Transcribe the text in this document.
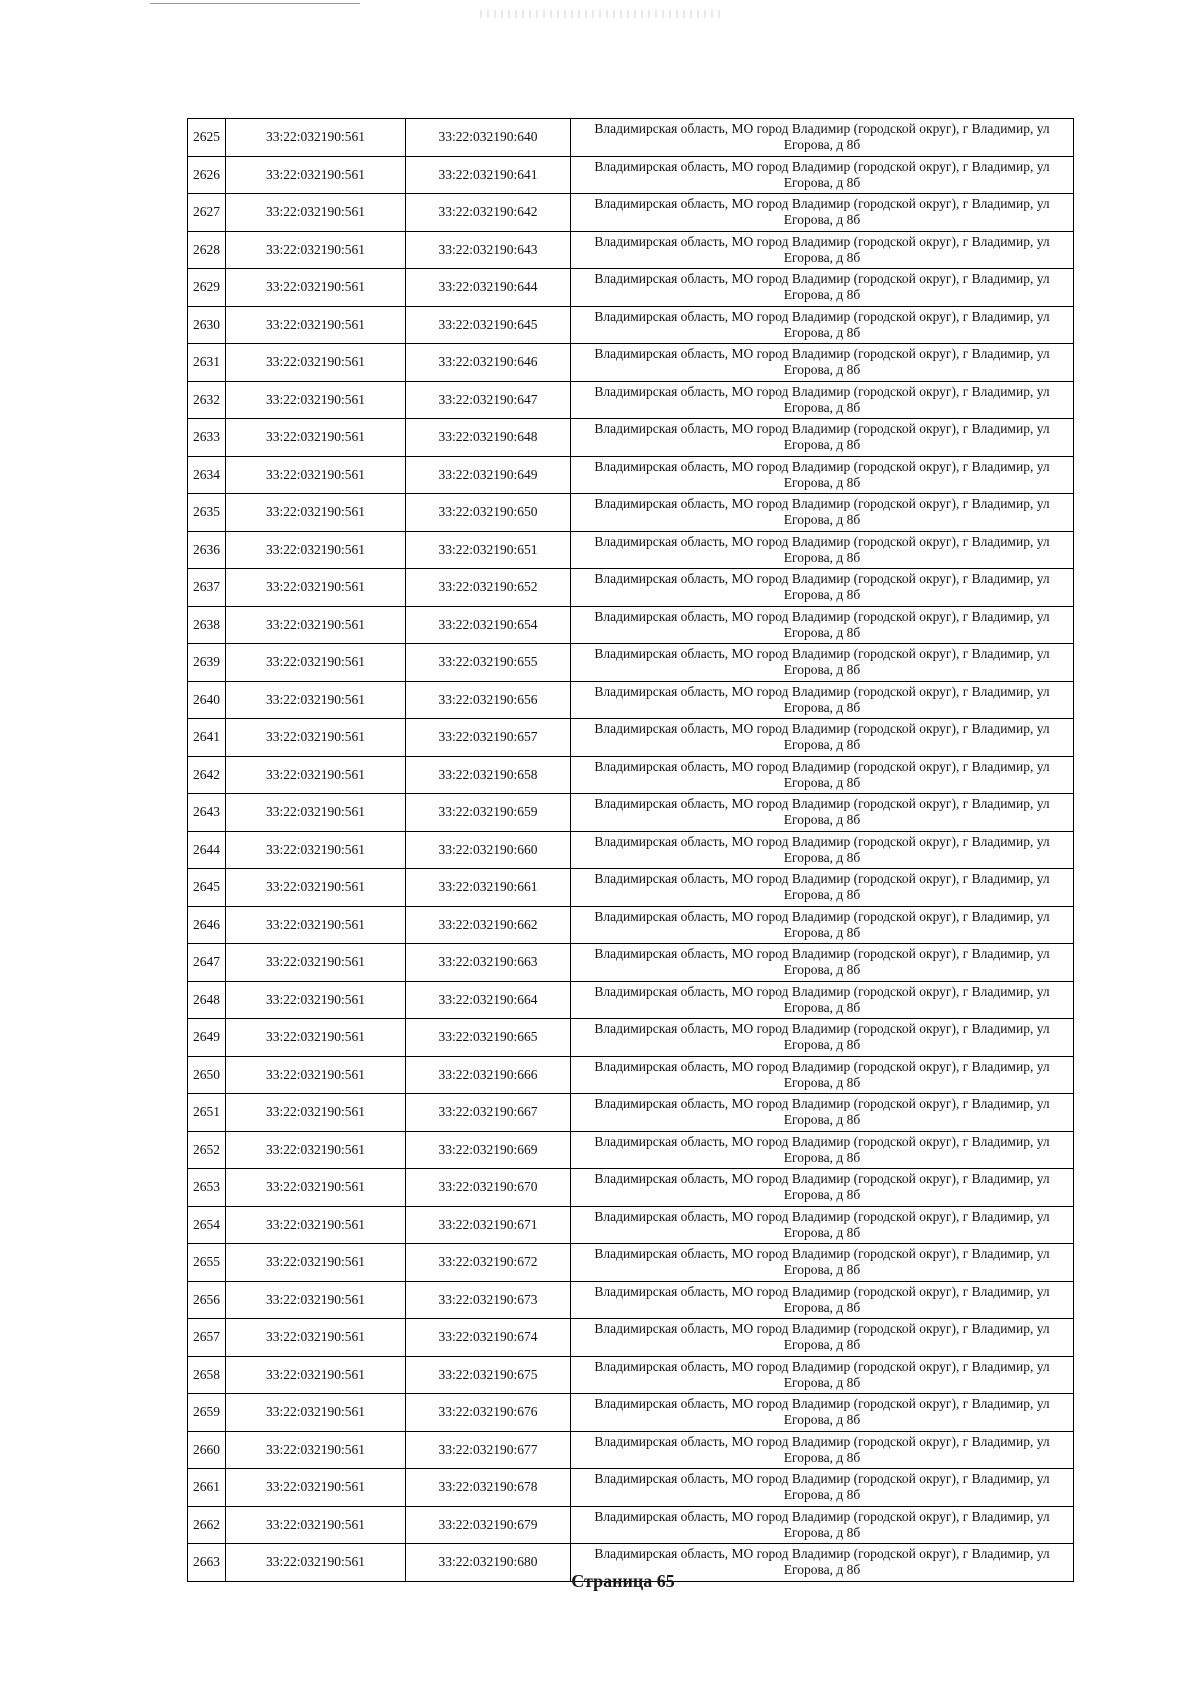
2625	33:22:032190:561	33:22:032190:640	Владимирская область, МО город Владимир (городской округ), г Владимир, ул
Егорова, д 8б

2626	33:22:032190:561	33:22:032190:641	Владимирская область, МО город Владимир (городской округ), г Владимир, ул
Егорова, д 8б

2627	33:22:032190:561	33:22:032190:642	Владимирская область, МО город Владимир (городской округ), г Владимир, ул
Егорова, д 8б

2628	33:22:032190:561	33:22:032190:643	Владимирская область, МО город Владимир (городской округ), г Владимир, ул
Егорова, д 8б

2629	33:22:032190:561	33:22:032190:644	Владимирская область, МО город Владимир (городской округ), г Владимир, ул
Егорова, д 8б

2630	33:22:032190:561	33:22:032190:645	Владимирская область, МО город Владимир (городской округ), г Владимир, ул
Егорова, д 8б

2631	33:22:032190:561	33:22:032190:646	Владимирская область, МО город Владимир (городской округ), г Владимир, ул
Егорова, д 8б

2632	33:22:032190:561	33:22:032190:647	Владимирская область, МО город Владимир (городской округ), г Владимир, ул
Егорова, д 8б

2633	33:22:032190:561	33:22:032190:648	Владимирская область, МО город Владимир (городской округ), г Владимир, ул
Егорова, д 8б

2634	33:22:032190:561	33:22:032190:649	Владимирская область, МО город Владимир (городской округ), г Владимир, ул
Егорова, д 8б

2635	33:22:032190:561	33:22:032190:650	Владимирская область, МО город Владимир (городской округ), г Владимир, ул
Егорова, д 8б

2636	33:22:032190:561	33:22:032190:651	Владимирская область, МО город Владимир (городской округ), г Владимир, ул
Егорова, д 8б

2637	33:22:032190:561	33:22:032190:652	Владимирская область, МО город Владимир (городской округ), г Владимир, ул
Егорова, д 8б

2638	33:22:032190:561	33:22:032190:654	Владимирская область, МО город Владимир (городской округ), г Владимир, ул
Егорова, д 8б

2639	33:22:032190:561	33:22:032190:655	Владимирская область, МО город Владимир (городской округ), г Владимир, ул
Егорова, д 8б

2640	33:22:032190:561	33:22:032190:656	Владимирская область, МО город Владимир (городской округ), г Владимир, ул
Егорова, д 8б

2641	33:22:032190:561	33:22:032190:657	Владимирская область, МО город Владимир (городской округ), г Владимир, ул
Егорова, д 8б

2642	33:22:032190:561	33:22:032190:658	Владимирская область, МО город Владимир (городской округ), г Владимир, ул
Егорова, д 8б

2643	33:22:032190:561	33:22:032190:659	Владимирская область, МО город Владимир (городской округ), г Владимир, ул
Егорова, д 8б

2644	33:22:032190:561	33:22:032190:660	Владимирская область, МО город Владимир (городской округ), г Владимир, ул
Егорова, д 8б

2645	33:22:032190:561	33:22:032190:661	Владимирская область, МО город Владимир (городской округ), г Владимир, ул
Егорова, д 8б

2646	33:22:032190:561	33:22:032190:662	Владимирская область, МО город Владимир (городской округ), г Владимир, ул
Егорова, д 8б

2647	33:22:032190:561	33:22:032190:663	Владимирская область, МО город Владимир (городской округ), г Владимир, ул
Егорова, д 8б

2648	33:22:032190:561	33:22:032190:664	Владимирская область, МО город Владимир (городской округ), г Владимир, ул
Егорова, д 8б

2649	33:22:032190:561	33:22:032190:665	Владимирская область, МО город Владимир (городской округ), г Владимир, ул
Егорова, д 8б

2650	33:22:032190:561	33:22:032190:666	Владимирская область, МО город Владимир (городской округ), г Владимир, ул
Егорова, д 8б

2651	33:22:032190:561	33:22:032190:667	Владимирская область, МО город Владимир (городской округ), г Владимир, ул
Егорова, д 8б

2652	33:22:032190:561	33:22:032190:669	Владимирская область, МО город Владимир (городской округ), г Владимир, ул
Егорова, д 8б

2653	33:22:032190:561	33:22:032190:670	Владимирская область, МО город Владимир (городской округ), г Владимир, ул
Егорова, д 8б

2654	33:22:032190:561	33:22:032190:671	Владимирская область, МО город Владимир (городской округ), г Владимир, ул
Егорова, д 8б

2655	33:22:032190:561	33:22:032190:672	Владимирская область, МО город Владимир (городской округ), г Владимир, ул
Егорова, д 8б

2656	33:22:032190:561	33:22:032190:673	Владимирская область, МО город Владимир (городской округ), г Владимир, ул
Егорова, д 8б

2657	33:22:032190:561	33:22:032190:674	Владимирская область, МО город Владимир (городской округ), г Владимир, ул
Егорова, д 8б

2658	33:22:032190:561	33:22:032190:675	Владимирская область, МО город Владимир (городской округ), г Владимир, ул
Егорова, д 8б

2659	33:22:032190:561	33:22:032190:676	Владимирская область, МО город Владимир (городской округ), г Владимир, ул
Егорова, д 8б

2660	33:22:032190:561	33:22:032190:677	Владимирская область, МО город Владимир (городской округ), г Владимир, ул
Егорова, д 8б

2661	33:22:032190:561	33:22:032190:678	Владимирская область, МО город Владимир (городской округ), г Владимир, ул
Егорова, д 8б

2662	33:22:032190:561	33:22:032190:679	Владимирская область, МО город Владимир (городской округ), г Владимир, ул
Егорова, д 8б

2663	33:22:032190:561	33:22:032190:680	Владимирская область, МО город Владимир (городской округ), г Владимир, ул
Егорова, д 8б
Страница 65
